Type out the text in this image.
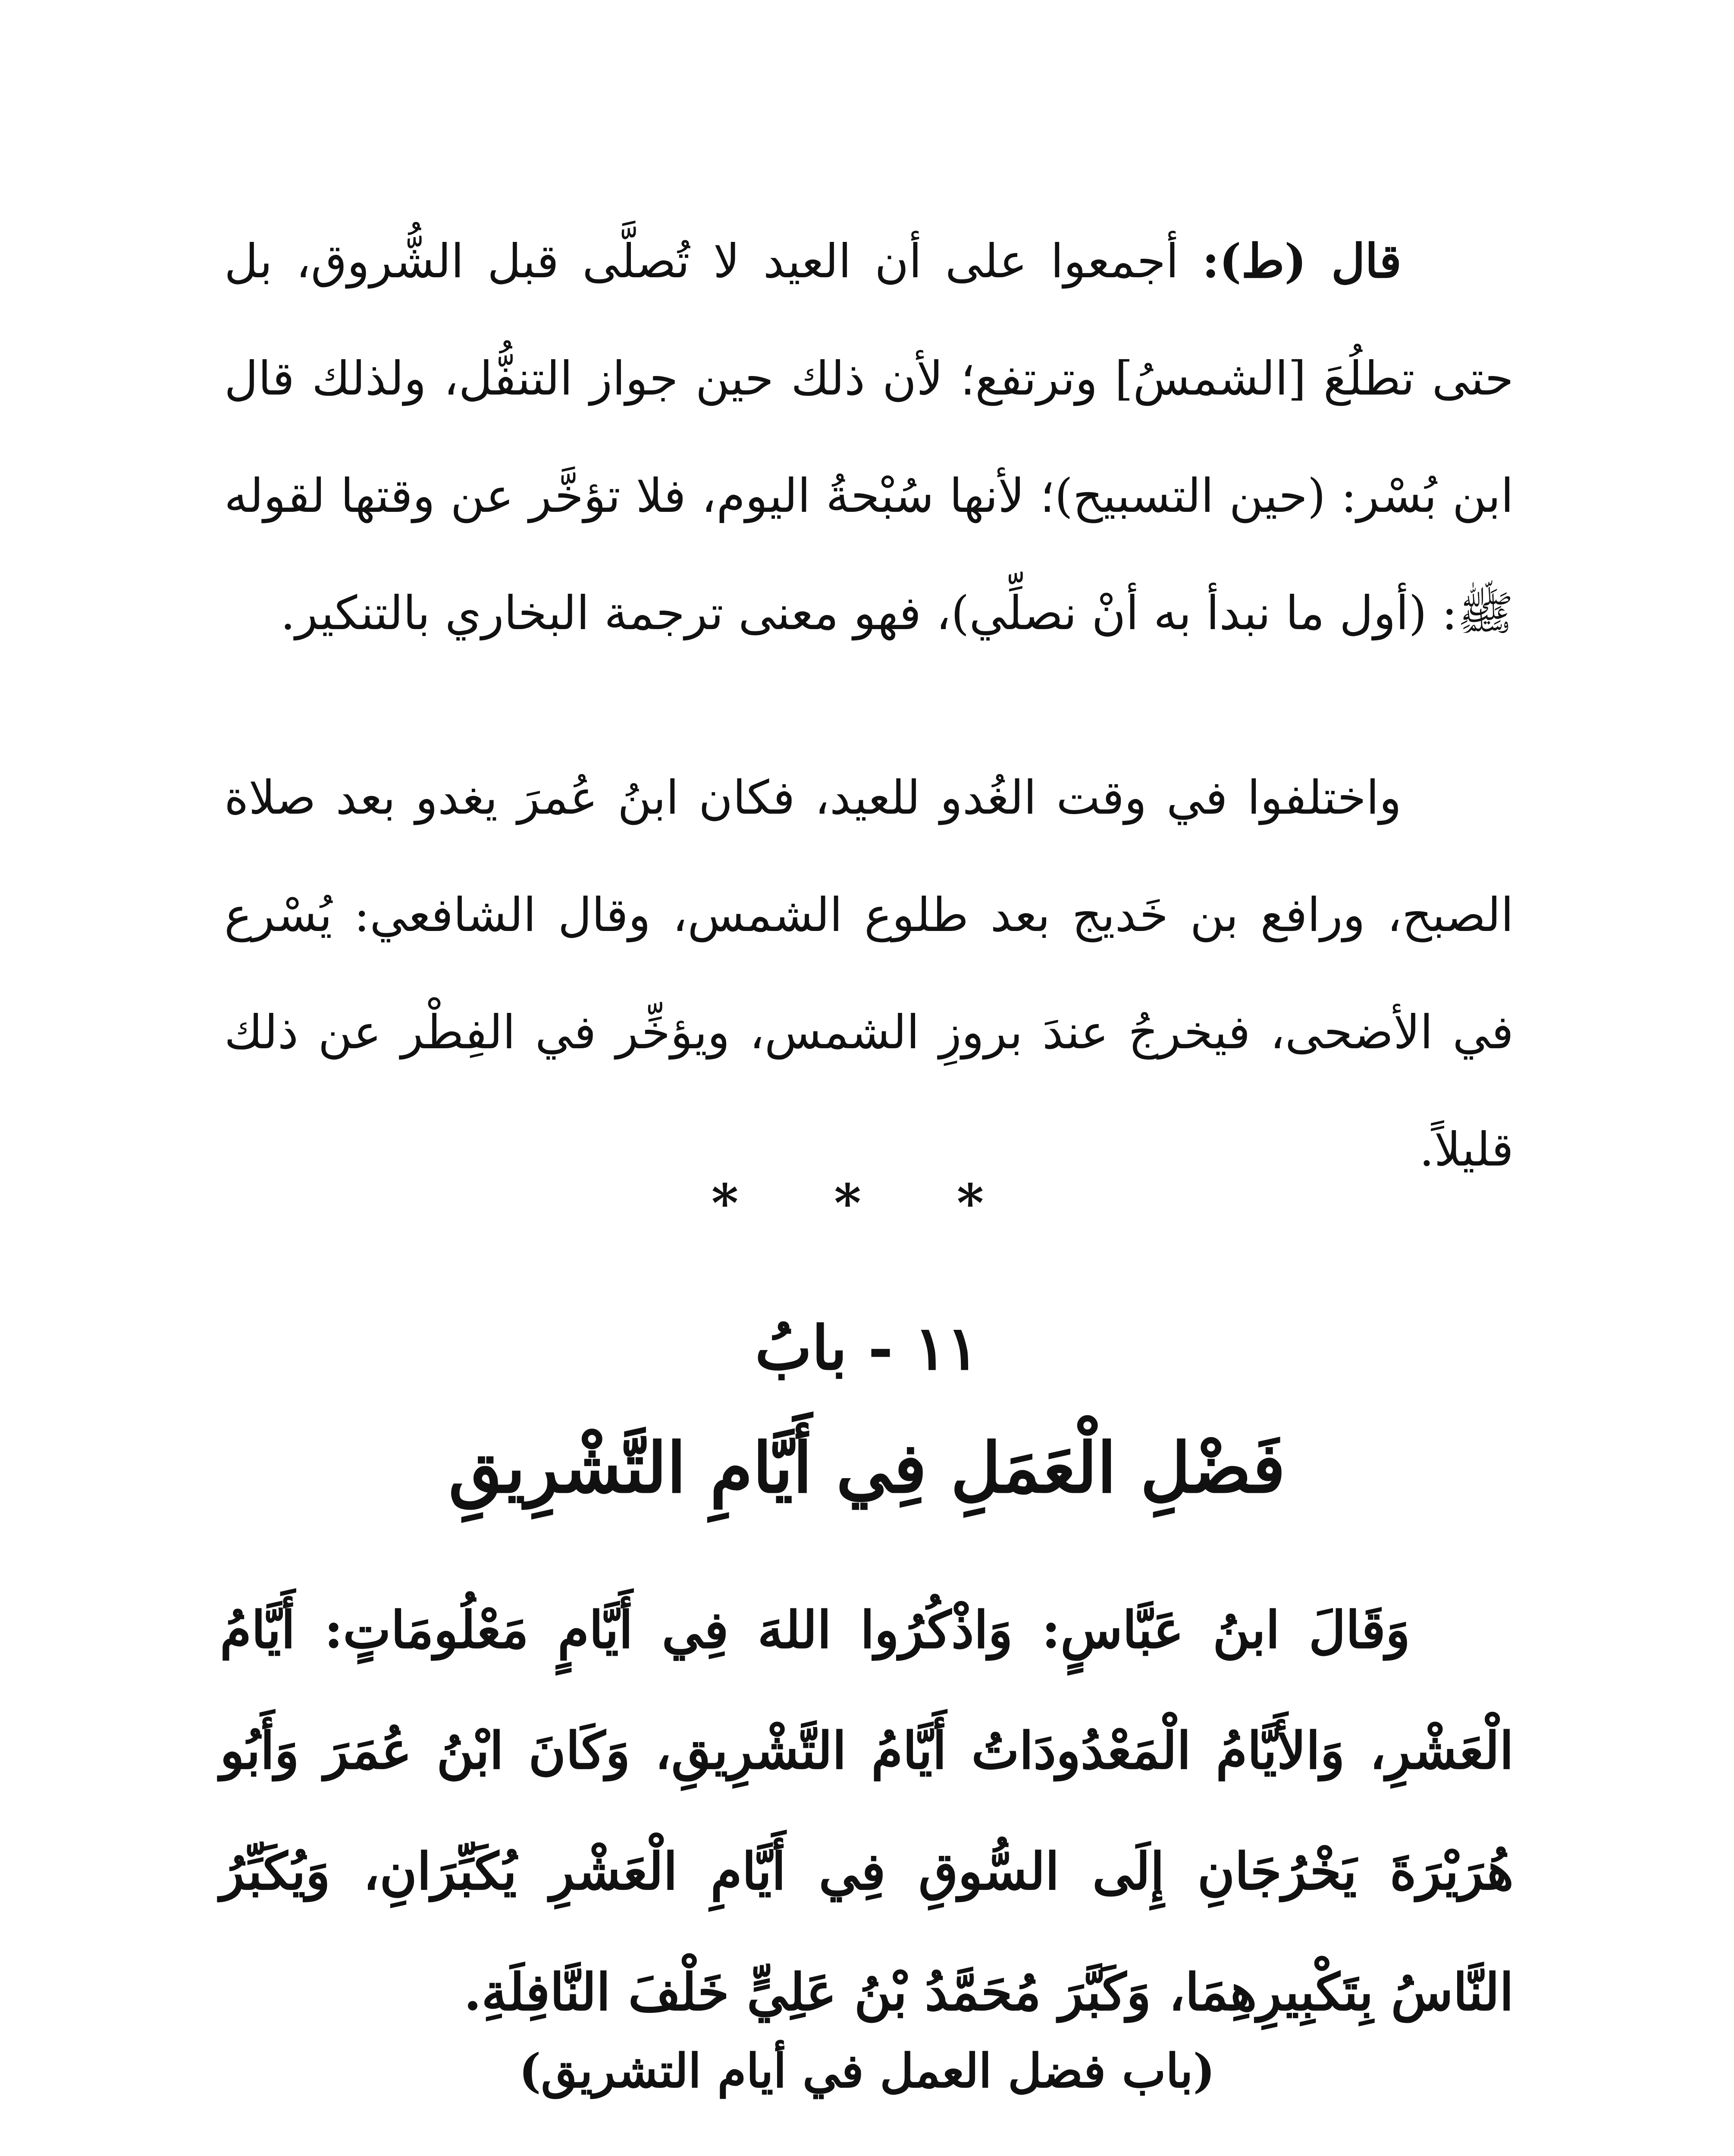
قال (ط): أجمعوا على أن العيد لا تُصلَّى قبل الشُّروق، بل حتى تطلُعَ [الشمسُ] وترتفع؛ لأن ذلك حين جواز التنفُّل، ولذلك قال ابن بُسْر: (حين التسبيح)؛ لأنها سُبْحةُ اليوم، فلا تؤخَّر عن وقتها لقوله ﷺ: (أول ما نبدأ به أنْ نصلِّي)، فهو معنى ترجمة البخاري بالتنكير.

واختلفوا في وقت الغُدو للعيد، فكان ابنُ عُمرَ يغدو بعد صلاة الصبح، ورافع بن خَديج بعد طلوع الشمس، وقال الشافعي: يُسْرع في الأضحى، فيخرجُ عندَ بروزِ الشمس، ويؤخِّر في الفِطْر عن ذلك قليلاً.

* * *
١١ - بابُ
فَضْلِ الْعَمَلِ فِي أَيَّامِ التَّشْرِيقِ

وَقَالَ ابنُ عَبَّاسٍ: وَاذْكُرُوا اللهَ فِي أَيَّامٍ مَعْلُومَاتٍ: أَيَّامُ الْعَشْرِ، وَالأَيَّامُ الْمَعْدُودَاتُ أَيَّامُ التَّشْرِيقِ، وَكَانَ ابْنُ عُمَرَ وَأَبُو هُرَيْرَةَ يَخْرُجَانِ إِلَى السُّوقِ فِي أَيَّامِ الْعَشْرِ يُكَبِّرَانِ، وَيُكَبِّرُ النَّاسُ بِتَكْبِيرِهِمَا، وَكَبَّرَ مُحَمَّدُ بْنُ عَلِيٍّ خَلْفَ النَّافِلَةِ.

(باب فضل العمل في أيام التشريق)
